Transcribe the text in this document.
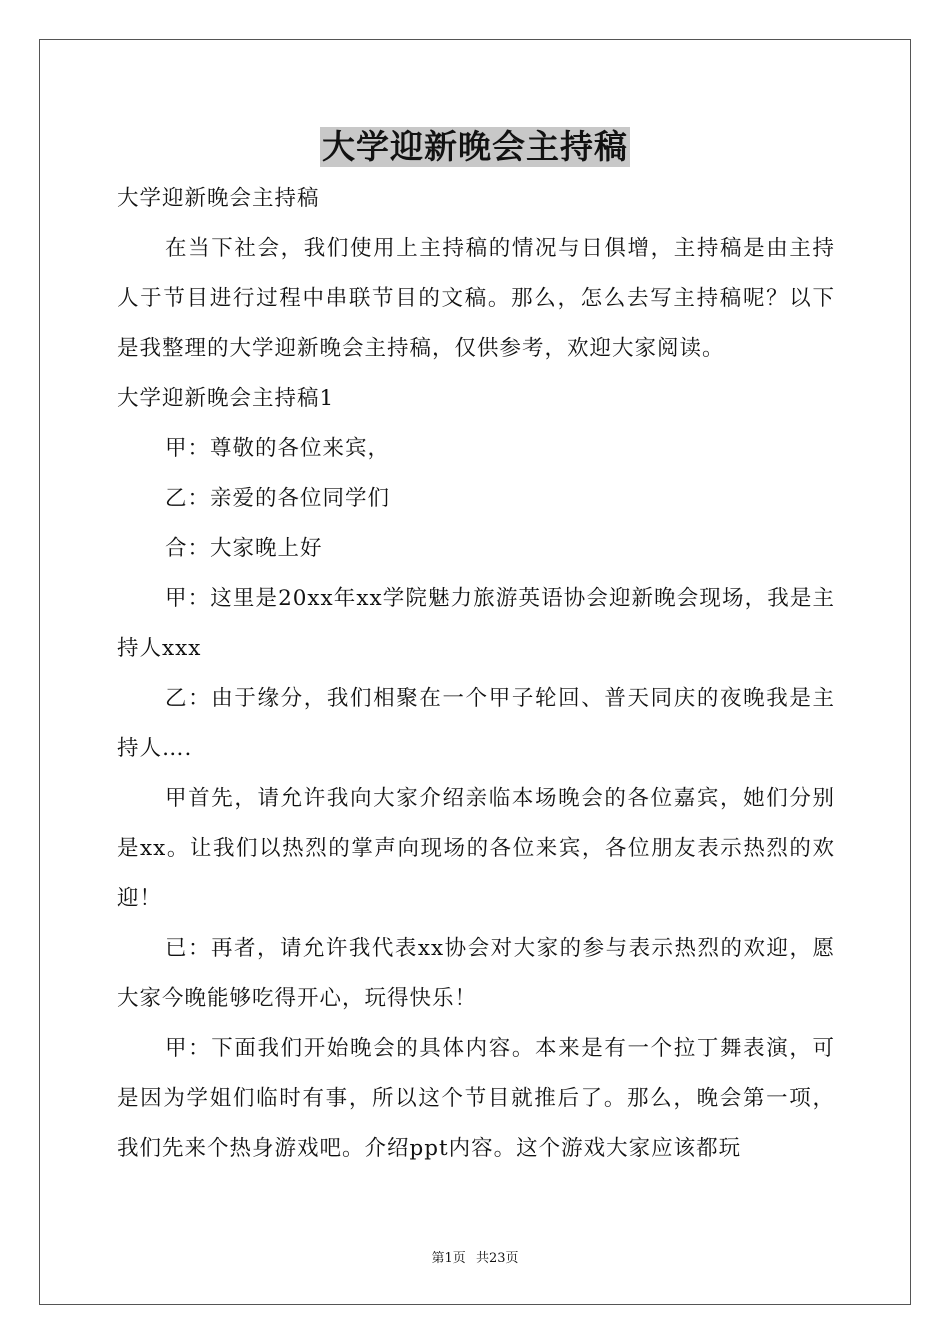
大学迎新晚会主持稿

大学迎新晚会主持稿

在当下社会，我们使用上主持稿的情况与日俱增，主持稿是由主持人于节目进行过程中串联节目的文稿。那么，怎么去写主持稿呢？以下是我整理的大学迎新晚会主持稿，仅供参考，欢迎大家阅读。

大学迎新晚会主持稿1

甲：尊敬的各位来宾，

乙：亲爱的各位同学们

合：大家晚上好

甲：这里是20xx年xx学院魅力旅游英语协会迎新晚会现场，我是主持人xxx

乙：由于缘分，我们相聚在一个甲子轮回、普天同庆的夜晚我是主持人….

甲首先，请允许我向大家介绍亲临本场晚会的各位嘉宾，她们分别是xx。让我们以热烈的掌声向现场的各位来宾，各位朋友表示热烈的欢迎！

已：再者，请允许我代表xx协会对大家的参与表示热烈的欢迎，愿大家今晚能够吃得开心，玩得快乐！

甲：下面我们开始晚会的具体内容。本来是有一个拉丁舞表演，可是因为学姐们临时有事，所以这个节目就推后了。那么，晚会第一项，我们先来个热身游戏吧。介绍ppt内容。这个游戏大家应该都玩

第1页 共23页
